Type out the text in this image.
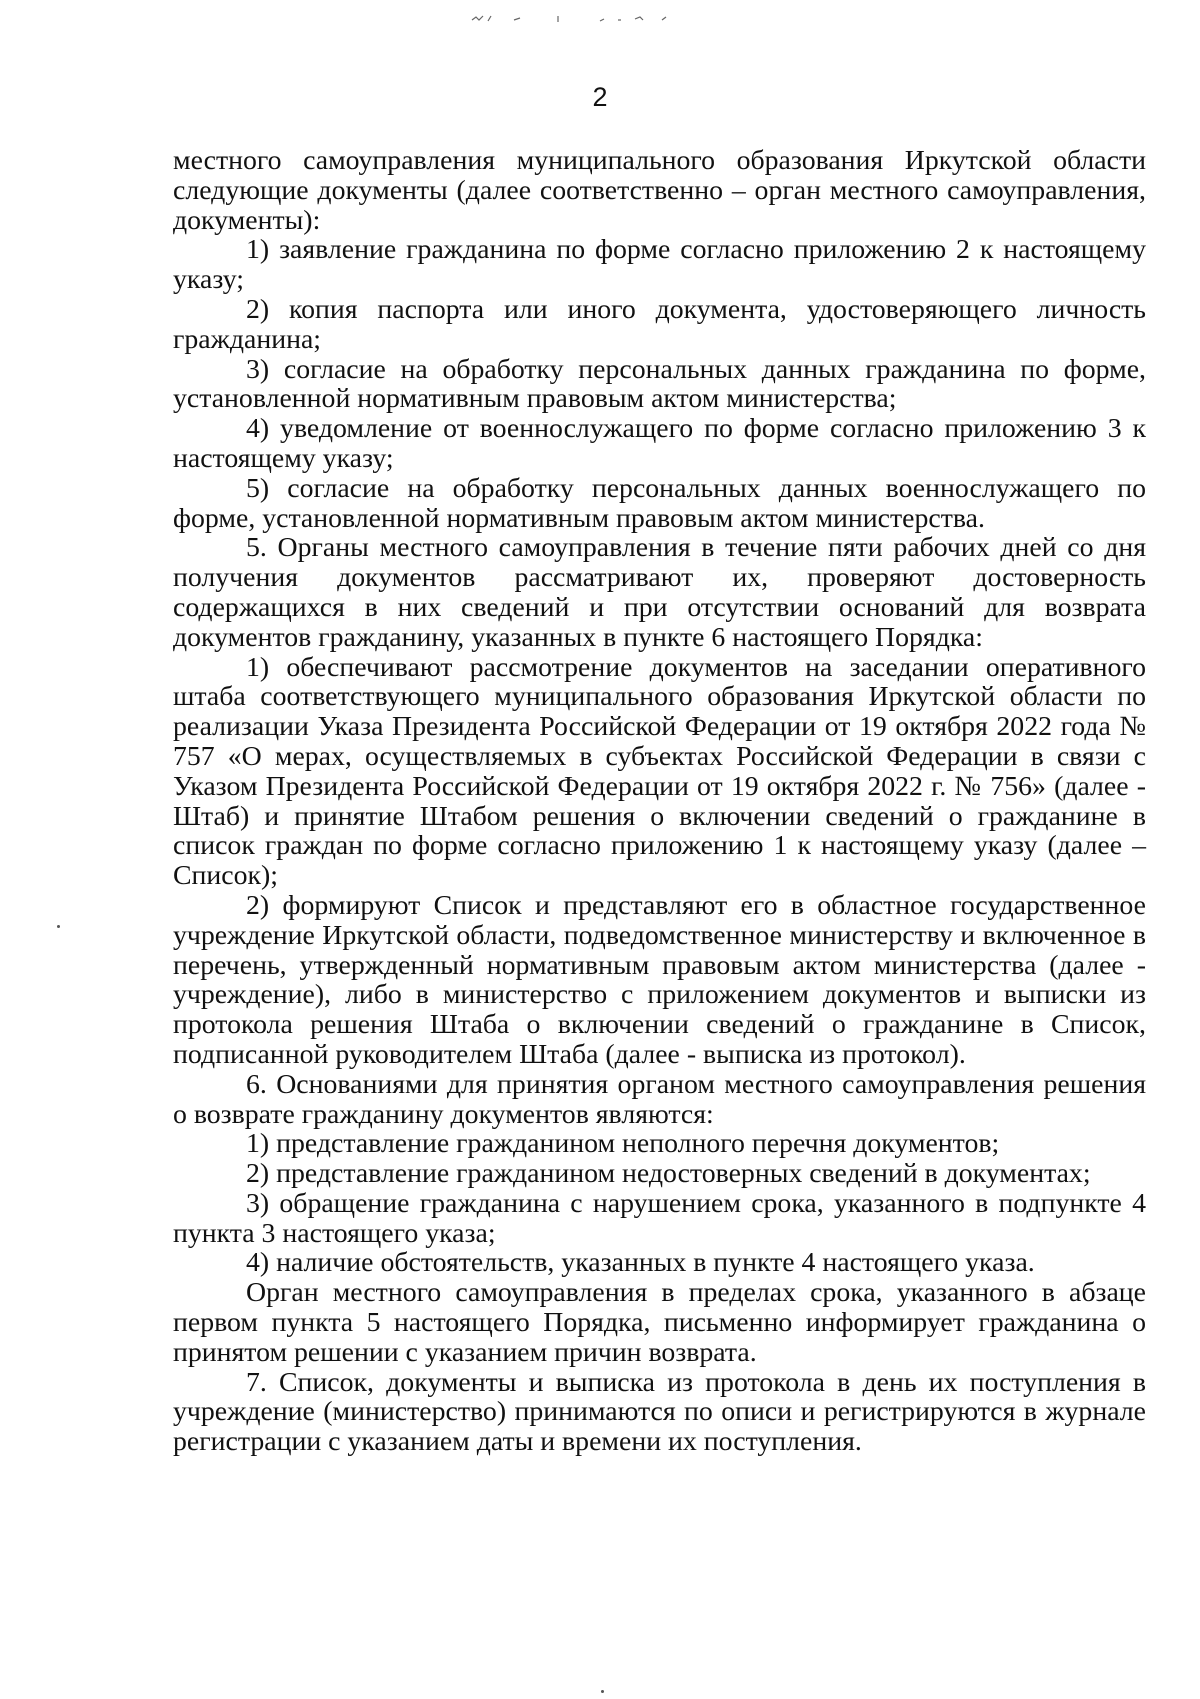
2

местного самоуправления муниципального образования Иркутской области следующие документы (далее соответственно – орган местного самоуправления, документы):

1) заявление гражданина по форме согласно приложению 2 к настоящему указу;

2) копия паспорта или иного документа, удостоверяющего личность гражданина;

3) согласие на обработку персональных данных гражданина по форме, установленной нормативным правовым актом министерства;

4) уведомление от военнослужащего по форме согласно приложению 3 к настоящему указу;

5) согласие на обработку персональных данных военнослужащего по форме, установленной нормативным правовым актом министерства.

5. Органы местного самоуправления в течение пяти рабочих дней со дня получения документов рассматривают их, проверяют достоверность содержащихся в них сведений и при отсутствии оснований для возврата документов гражданину, указанных в пункте 6 настоящего Порядка:

1) обеспечивают рассмотрение документов на заседании оперативного штаба соответствующего муниципального образования Иркутской области по реализации Указа Президента Российской Федерации от 19 октября 2022 года № 757 «О мерах, осуществляемых в субъектах Российской Федерации в связи с Указом Президента Российской Федерации от 19 октября 2022 г. № 756» (далее - Штаб) и принятие Штабом решения о включении сведений о гражданине в список граждан по форме согласно приложению 1 к настоящему указу (далее – Список);

2) формируют Список и представляют его в областное государственное учреждение Иркутской области, подведомственное министерству и включенное в перечень, утвержденный нормативным правовым актом министерства (далее - учреждение), либо в министерство с приложением документов и выписки из протокола решения Штаба о включении сведений о гражданине в Список, подписанной руководителем Штаба (далее - выписка из протокол).

6. Основаниями для принятия органом местного самоуправления решения о возврате гражданину документов являются:

1) представление гражданином неполного перечня документов;

2) представление гражданином недостоверных сведений в документах;

3) обращение гражданина с нарушением срока, указанного в подпункте 4 пункта 3 настоящего указа;

4) наличие обстоятельств, указанных в пункте 4 настоящего указа.

Орган местного самоуправления в пределах срока, указанного в абзаце первом пункта 5 настоящего Порядка, письменно информирует гражданина о принятом решении с указанием причин возврата.

7. Список, документы и выписка из протокола в день их поступления в учреждение (министерство) принимаются по описи и регистрируются в журнале регистрации с указанием даты и времени их поступления.
